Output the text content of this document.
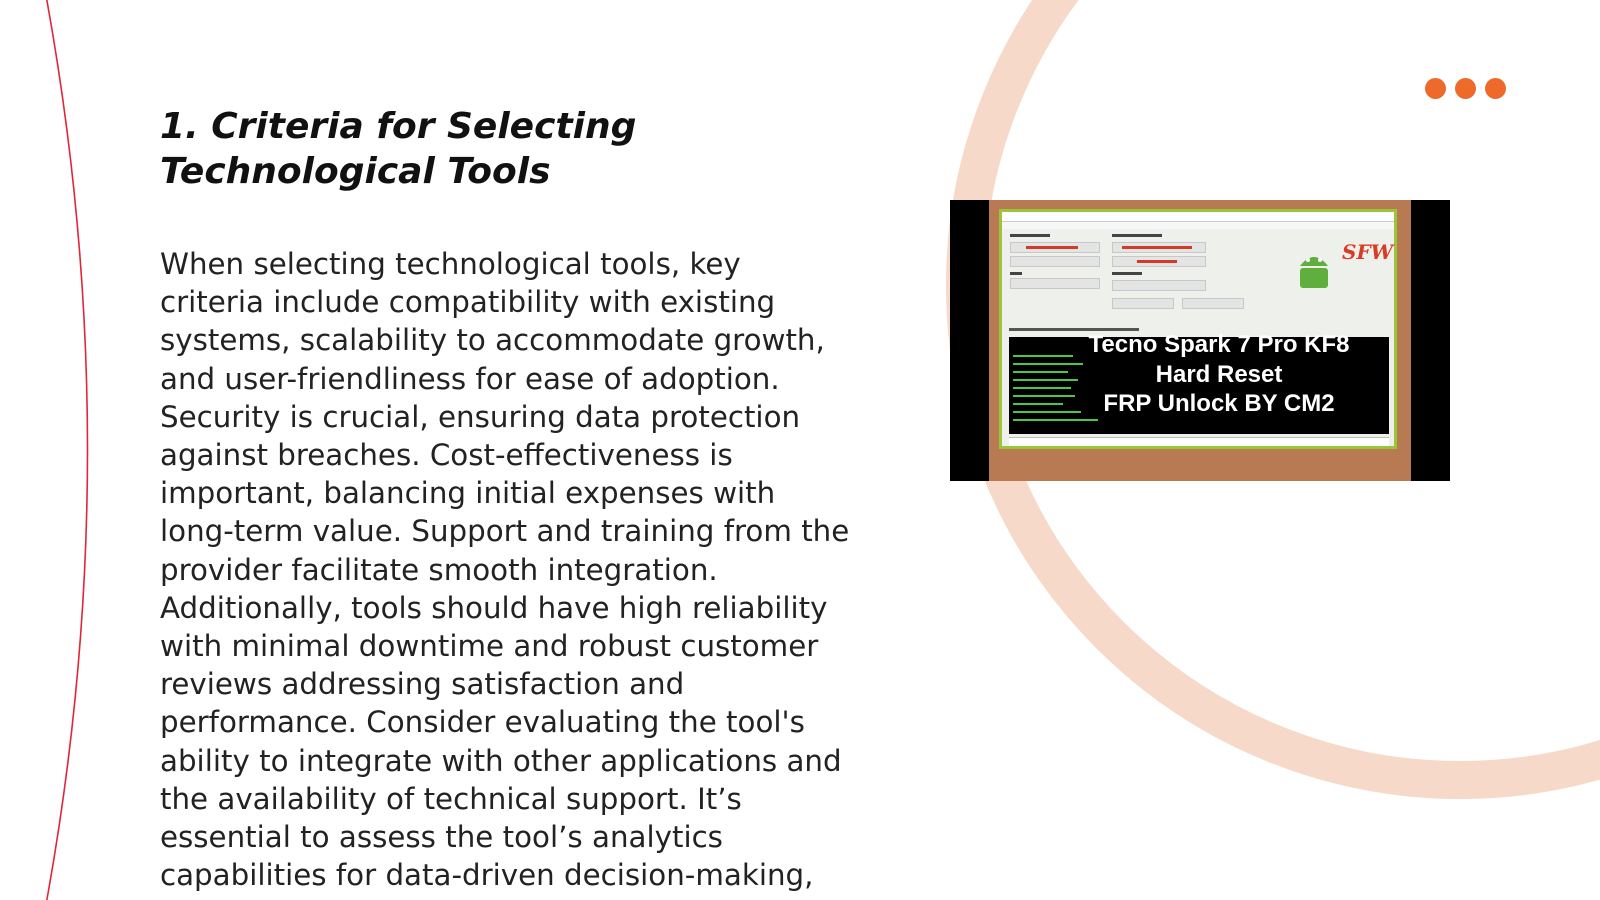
1. Criteria for Selecting Technological Tools

When selecting technological tools, key criteria include compatibility with existing systems, scalability to accommodate growth, and user-friendliness for ease of adoption. Security is crucial, ensuring data protection against breaches. Cost-effectiveness is important, balancing initial expenses with long-term value. Support and training from the provider facilitate smooth integration. Additionally, tools should have high reliability with minimal downtime and robust customer reviews addressing satisfaction and performance. Consider evaluating the tool's ability to integrate with other applications and the availability of technical support. It’s essential to assess the tool’s analytics capabilities for data-driven decision-making,

SFW
Tecno Spark 7 Pro KF8
Hard Reset
FRP Unlock BY CM2
